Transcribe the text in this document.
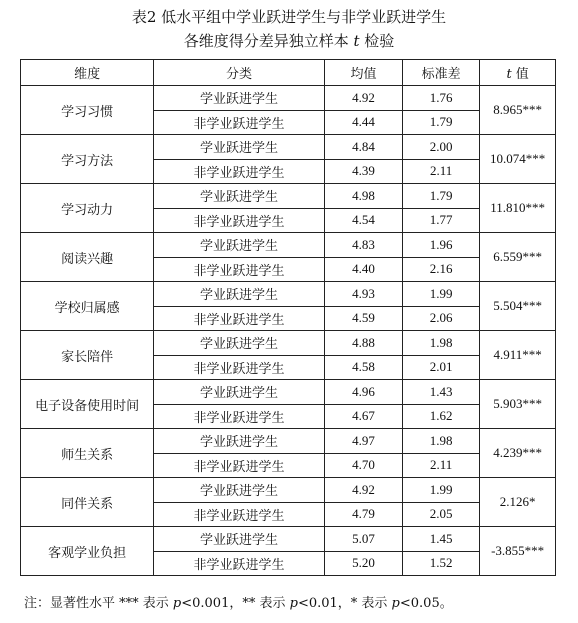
表2 低水平组中学业跃进学生与非学业跃进学生
各维度得分差异独立样本 t 检验
维度	分类	均值	标准差	t 值
学习习惯	学业跃进学生	4.92	1.76	8.965***
	非学业跃进学生	4.44	1.79	
学习方法	学业跃进学生	4.84	2.00	10.074***
	非学业跃进学生	4.39	2.11	
学习动力	学业跃进学生	4.98	1.79	11.810***
	非学业跃进学生	4.54	1.77	
阅读兴趣	学业跃进学生	4.83	1.96	6.559***
	非学业跃进学生	4.40	2.16	
学校归属感	学业跃进学生	4.93	1.99	5.504***
	非学业跃进学生	4.59	2.06	
家长陪伴	学业跃进学生	4.88	1.98	4.911***
	非学业跃进学生	4.58	2.01	
电子设备使用时间	学业跃进学生	4.96	1.43	5.903***
	非学业跃进学生	4.67	1.62	
师生关系	学业跃进学生	4.97	1.98	4.239***
	非学业跃进学生	4.70	2.11	
同伴关系	学业跃进学生	4.92	1.99	2.126*
	非学业跃进学生	4.79	2.05	
客观学业负担	学业跃进学生	5.07	1.45	-3.855***
	非学业跃进学生	5.20	1.52	
注：显著性水平 *** 表示 p<0.001，** 表示 p<0.01，* 表示 p<0.05。
